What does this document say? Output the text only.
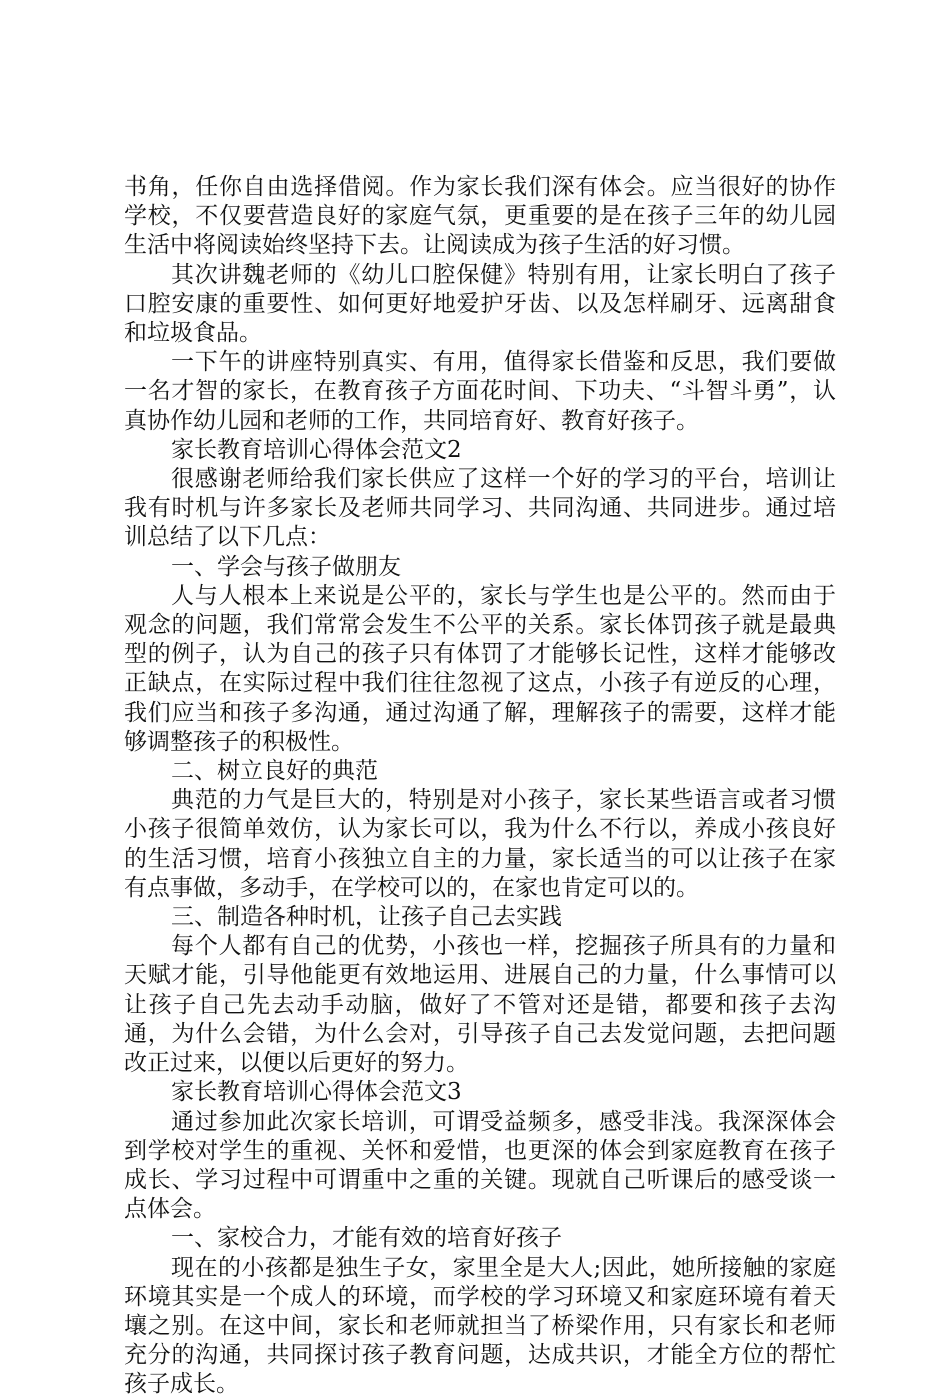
书角，任你自由选择借阅。作为家长我们深有体会。应当很好的协作学校，不仅要营造良好的家庭气氛，更重要的是在孩子三年的幼儿园生活中将阅读始终坚持下去。让阅读成为孩子生活的好习惯。

其次讲魏老师的《幼儿口腔保健》特别有用，让家长明白了孩子口腔安康的重要性、如何更好地爱护牙齿、以及怎样刷牙、远离甜食和垃圾食品。

一下午的讲座特别真实、有用，值得家长借鉴和反思，我们要做一名才智的家长，在教育孩子方面花时间、下功夫、“斗智斗勇”，认真协作幼儿园和老师的工作，共同培育好、教育好孩子。

家长教育培训心得体会范文2

很感谢老师给我们家长供应了这样一个好的学习的平台，培训让我有时机与许多家长及老师共同学习、共同沟通、共同进步。通过培训总结了以下几点：

一、学会与孩子做朋友

人与人根本上来说是公平的，家长与学生也是公平的。然而由于观念的问题，我们常常会发生不公平的关系。家长体罚孩子就是最典型的例子，认为自己的孩子只有体罚了才能够长记性，这样才能够改正缺点，在实际过程中我们往往忽视了这点，小孩子有逆反的心理，我们应当和孩子多沟通，通过沟通了解，理解孩子的需要，这样才能够调整孩子的积极性。

二、树立良好的典范

典范的力气是巨大的，特别是对小孩子，家长某些语言或者习惯小孩子很简单效仿，认为家长可以，我为什么不行以，养成小孩良好的生活习惯，培育小孩独立自主的力量，家长适当的可以让孩子在家有点事做，多动手，在学校可以的，在家也肯定可以的。

三、制造各种时机，让孩子自己去实践

每个人都有自己的优势，小孩也一样，挖掘孩子所具有的力量和天赋才能，引导他能更有效地运用、进展自己的力量，什么事情可以让孩子自己先去动手动脑，做好了不管对还是错，都要和孩子去沟通，为什么会错，为什么会对，引导孩子自己去发觉问题，去把问题改正过来，以便以后更好的努力。

家长教育培训心得体会范文3

通过参加此次家长培训，可谓受益频多，感受非浅。我深深体会到学校对学生的重视、关怀和爱惜，也更深的体会到家庭教育在孩子成长、学习过程中可谓重中之重的关键。现就自己听课后的感受谈一点体会。

一、家校合力，才能有效的培育好孩子

现在的小孩都是独生子女，家里全是大人;因此，她所接触的家庭环境其实是一个成人的环境，而学校的学习环境又和家庭环境有着天壤之别。在这中间，家长和老师就担当了桥梁作用，只有家长和老师充分的沟通，共同探讨孩子教育问题，达成共识，才能全方位的帮忙孩子成长。
